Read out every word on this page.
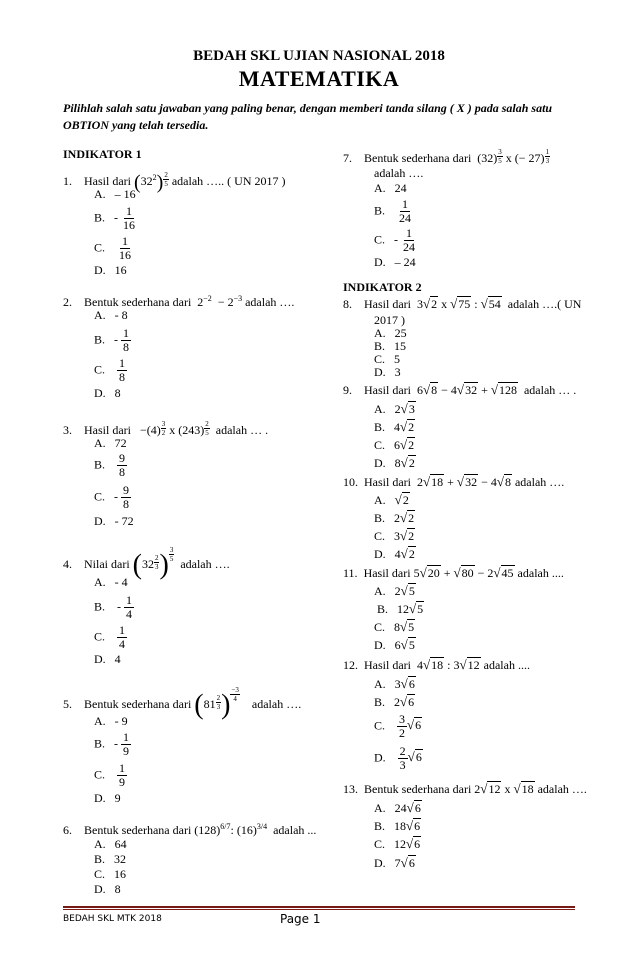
BEDAH SKL UJIAN NASIONAL 2018
MATEMATIKA
Pilihlah salah satu jawaban yang paling benar, dengan memberi tanda silang ( X ) pada salah satu OBTION yang telah tersedia.
INDIKATOR 1
1. Hasil dari $(32^2) \frac{2}{5}$ adalah ….. ( UN 2017 )
A. – 16
B.   - $\frac{1}{16}$
C. $\frac{1}{16}$
D. 16
2. Bentuk sederhana dari  $2^{-2} - 2^{-3}$ adalah ….
A. - 8
B.   - $\frac{1}{8}$
C. $\frac{1}{8}$
D. 8
3. Hasil dari   $-(4) \frac{3}{2}$ x $(243) \frac{2}{5}$ adalah … .
A. 72
B. $\frac{9}{8}$
C.   - $\frac{9}{8}$
D. - 72
4. Nilai dari ($32 \frac{2}{3}$ ) $\frac{3}{5}$
adalah ….
A. - 4
B.    - $\frac{1}{4}$
C. $\frac{1}{4}$
D. 4
5. Bentuk sederhana dari ($81 \frac{2}{3}$ ) $\frac{-3}{4}$
adalah ….
A. - 9
B.   - $\frac{1}{9}$
C. $\frac{1}{9}$
D. 9
6. Bentuk sederhana dari $(128)^{6/7}$: $(16)^{3/4}$ adalah ...
A. 64
B. 32
C. 16
D. 8
7. Bentuk sederhana dari  $(32) \frac{3}{5}$ x (− $27) \frac{1}{3}$
adalah ….
A. 24
B. $\frac{1}{24}$
C.   - $\frac{1}{24}$
D. – 24
INDIKATOR 2
8. Hasil dari  3√2 x √75 : √54 adalah ….( UN
2017 )
A. 25
B. 15
C. 5
D. 3
9. Hasil dari  6√8 − 4√32 + √128 adalah … .
A.   2√3
B.   4√2
C.   6√2
D.   8√2
10. Hasil dari  2√18 + √32 − 4√8 adalah ….
A. √2
B.   2√2
C.   3√2
D.   4√2
11. Hasil dari 5√20 + √80 − 2√45 adalah ....
A.   2√5
B.   12√5
C.   8√5
D.   6√5
12. Hasil dari  4√18 : 3√12 adalah ....
A.   3√6
B.   2√6
C. $\frac{3}{2} √6$
D. $\frac{2}{3} √6$
13. Bentuk sederhana dari 2√12 x √18 adalah ….
A.   24√6
B.   18√6
C.   12√6
D.   7√6
BEDAH SKL MTK 2018	Page 1
